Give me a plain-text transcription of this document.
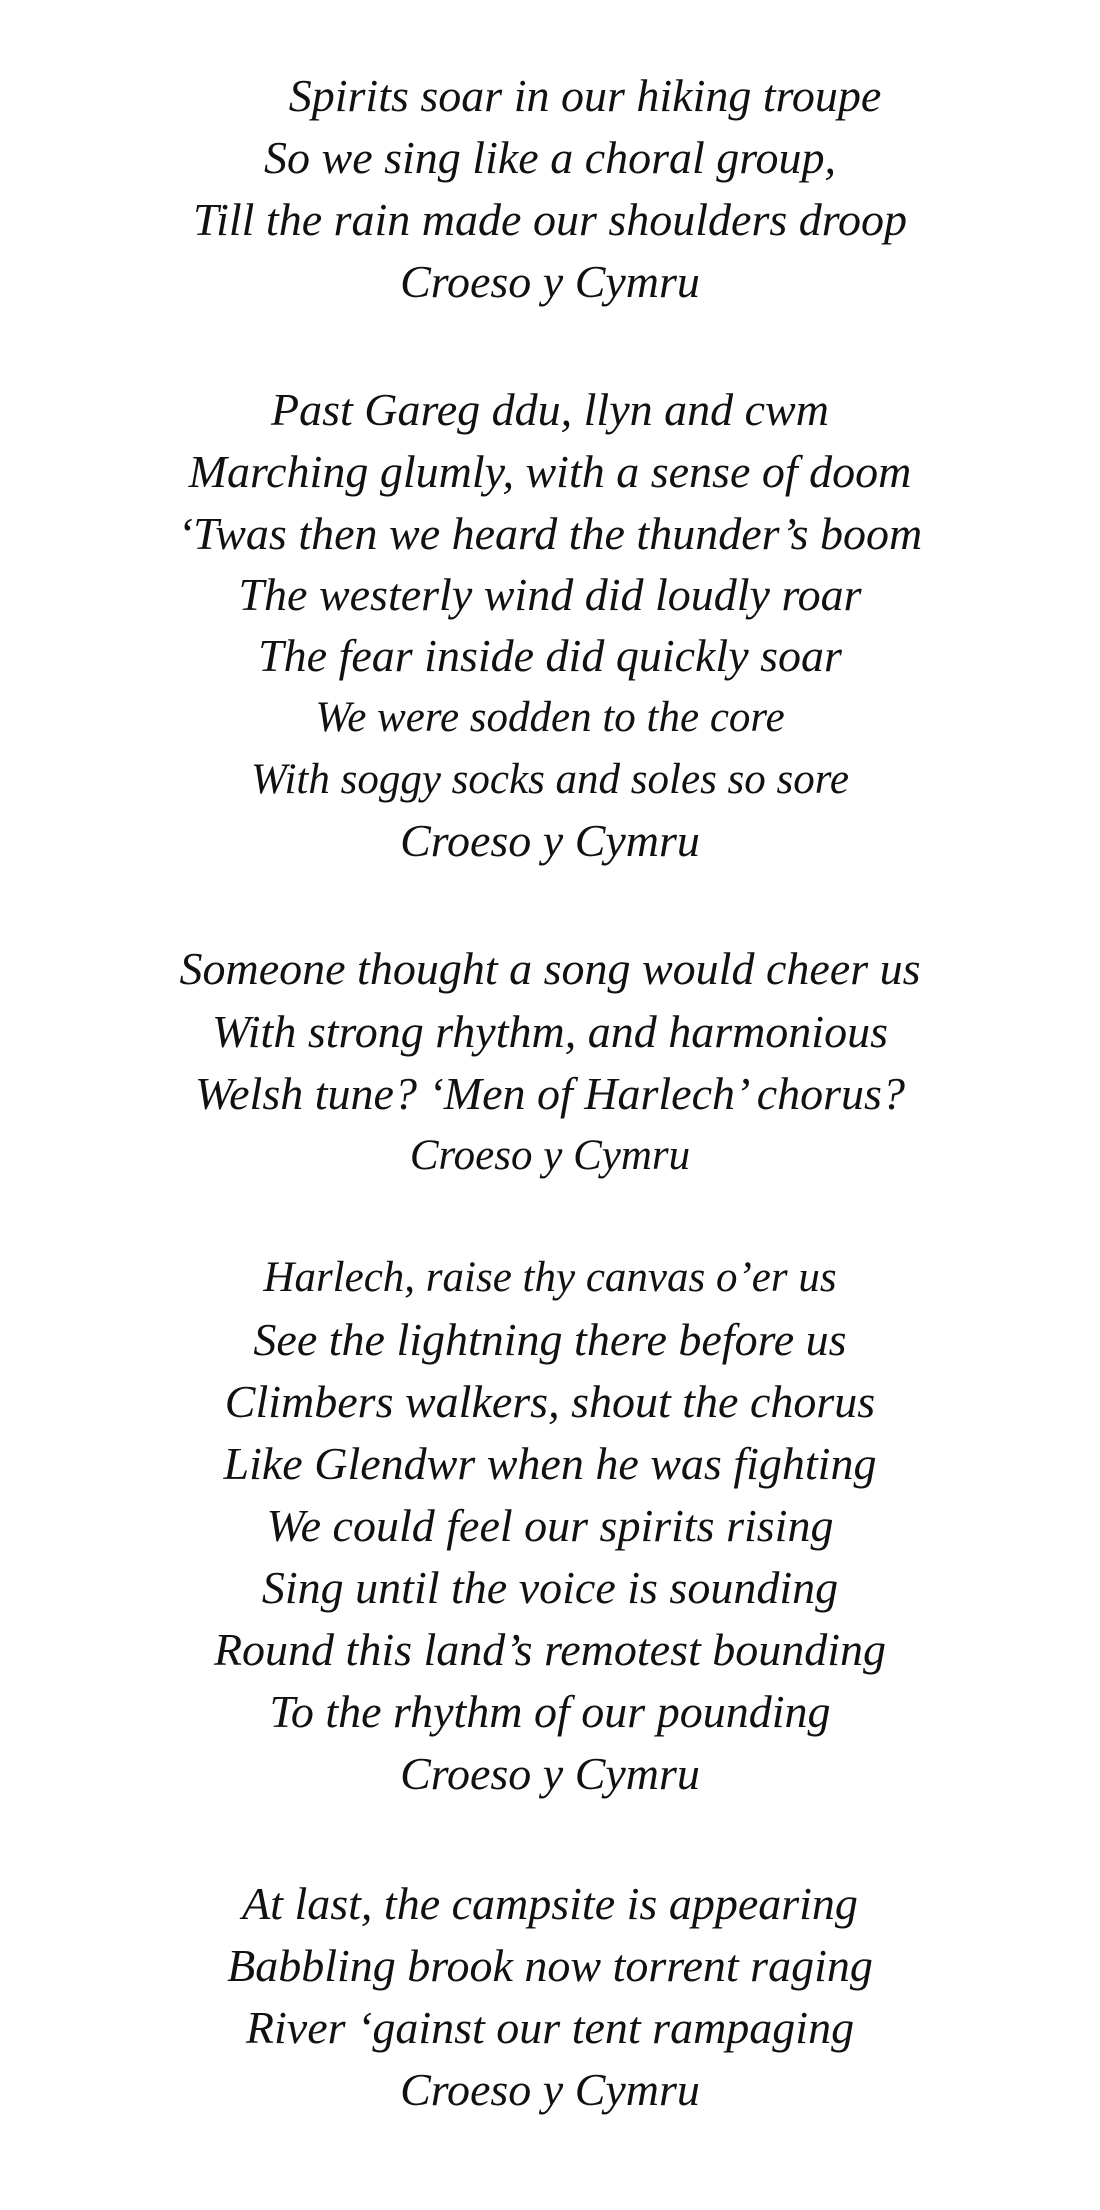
Spirits soar in our hiking troupe
So we sing like a choral group,
Till the rain made our shoulders droop
Croeso y Cymru
Past Gareg ddu, llyn and cwm
Marching glumly, with a sense of doom
‘Twas then we heard the thunder’s boom
The westerly wind did loudly roar
The fear inside did quickly soar
We were sodden to the core
With soggy socks and soles so sore
Croeso y Cymru
Someone thought a song would cheer us
With strong rhythm, and harmonious
Welsh tune? ‘Men of Harlech’ chorus?
Croeso y Cymru
Harlech, raise thy canvas o’er us
See the lightning there before us
Climbers walkers, shout the chorus
Like Glendwr when he was fighting
We could feel our spirits rising
Sing until the voice is sounding
Round this land’s remotest bounding
To the rhythm of our pounding
Croeso y Cymru
At last, the campsite is appearing
Babbling brook now torrent raging
River ‘gainst our tent rampaging
Croeso y Cymru
